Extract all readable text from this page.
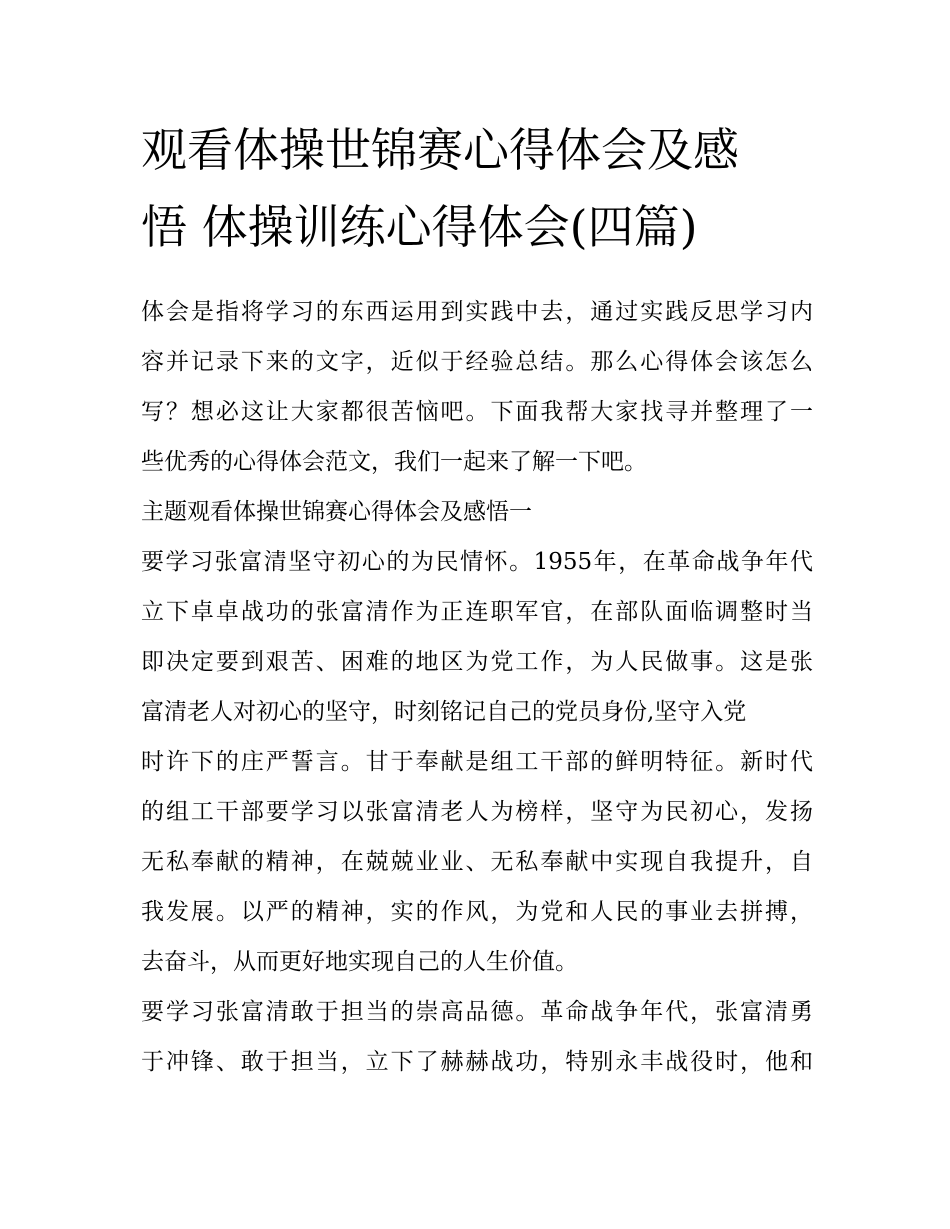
观看体操世锦赛心得体会及感
悟 体操训练心得体会(四篇)

体会是指将学习的东西运用到实践中去，通过实践反思学习内
容并记录下来的文字，近似于经验总结。那么心得体会该怎么
写？想必这让大家都很苦恼吧。下面我帮大家找寻并整理了一
些优秀的心得体会范文，我们一起来了解一下吧。

主题观看体操世锦赛心得体会及感悟一

要学习张富清坚守初心的为民情怀。1955年，在革命战争年代
立下卓卓战功的张富清作为正连职军官，在部队面临调整时当
即决定要到艰苦、困难的地区为党工作，为人民做事。这是张
富清老人对初心的坚守，时刻铭记自己的党员身份,坚守入党
时许下的庄严誓言。甘于奉献是组工干部的鲜明特征。新时代
的组工干部要学习以张富清老人为榜样，坚守为民初心，发扬
无私奉献的精神，在兢兢业业、无私奉献中实现自我提升，自
我发展。以严的精神，实的作风，为党和人民的事业去拼搏，
去奋斗，从而更好地实现自己的人生价值。

要学习张富清敢于担当的崇高品德。革命战争年代，张富清勇
于冲锋、敢于担当，立下了赫赫战功，特别永丰战役时，他和
